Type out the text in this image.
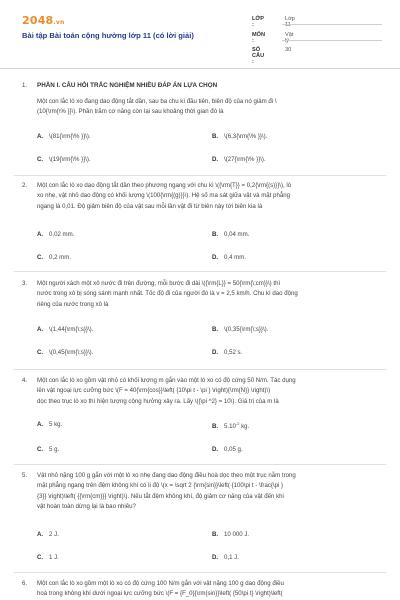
2048.vn
Bài tập Bài toán cộng hưởng lớp 11 (có lời giải)
LỚP :
Lớp 11
MÔN :
Vật lý
SỐ CÂU :
30
1. PHẦN I. CÂU HỎI TRẮC NGHIỆM NHIỀU ĐÁP ÁN LỰA CHỌN
Một con lắc lò xo đang dao động tắt dần, sau ba chu kì đầu tiên, biên độ của nó giảm đi \
(10{\rm{\% }}\). Phần trăm cơ năng còn lại sau khoảng thời gian đó là
A. \(81{\rm{\% }}\).	B. \(6,3{\rm{\% }}\).
C. \(19{\rm{\% }}\).	D. \(27{\rm{\% }}\).
2. Một con lắc lò xo dao động tắt dần theo phương ngang với chu kì \({\rm{T}} = 0,2{\rm{(s)}}\), lò
xo nhẹ, vật nhỏ dao động có khối lượng \(100{\rm{(g)}}\). Hệ số ma sát giữa vật và mặt phẳng
ngang là 0,01. Độ giảm biên độ của vật sau mỗi lần vật đi từ biên này tới biên kia là
A. 0,02 mm.	B. 0,04 mm.
C. 0,2 mm.	D. 0,4 mm.
3. Một người xách một xô nước đi trên đường, mỗi bước đi dài \({\rm{L}} = 50{\rm{\;cm}}\) thì
nước trong xô bị sóng sánh mạnh nhất. Tốc độ đi của người đó là v = 2,5 km/h. Chu kì dao động
riêng của nước trong xô là
A. \(1,44{\rm{\;s}}\).	B. \(0,35{\rm{\;s}}\).
C. \(0,45{\rm{\;s}}\).	D. 0,52 s.
4. Một con lắc lò xo gồm vật nhỏ có khối lượng m gắn vào một lò xo có độ cứng 50 N/m. Tác dụng
lên vật ngoại lực cưỡng bức \(F = 40{\rm{cos}}\left( {10\pi t - \pi } \right){\rm{N}} \right)\)
dọc theo trục lò xo thì hiện tượng cộng hưởng xảy ra. Lấy \({\pi ^2} = 10\). Giá trị của m là
A. 5 kg.	B. $5.10^{-2}$ kg.
C. 5 g.	D. 0,05 g.
5. Vật nhỏ nặng 100 g gắn với một lò xo nhẹ đang dao động điều hoà dọc theo một trục nằm trong
mặt phẳng ngang trên đệm không khí có li độ \(x = \sqrt 2 {\rm{sin}}\left( {100\pi t - \frac{\pi }
{3}} \right)\left( {{\rm{cm}}} \right)\). Nếu tắt đệm không khí, độ giảm cơ năng của vật đến khi
vật hoàn toàn dừng lại là bao nhiêu?
A. 2 J.	B. 10 000 J.
C. 1 J.	D. 0,1 J.
6. Một con lắc lò xo gồm một lò xo có độ cứng 100 N/m gắn với vật nặng 100 g dao động điều
hoà trong không khí dưới ngoại lực cưỡng bức \(F = {F_0}{\rm{sin}}\left( {50\pi t} \right)\left(
